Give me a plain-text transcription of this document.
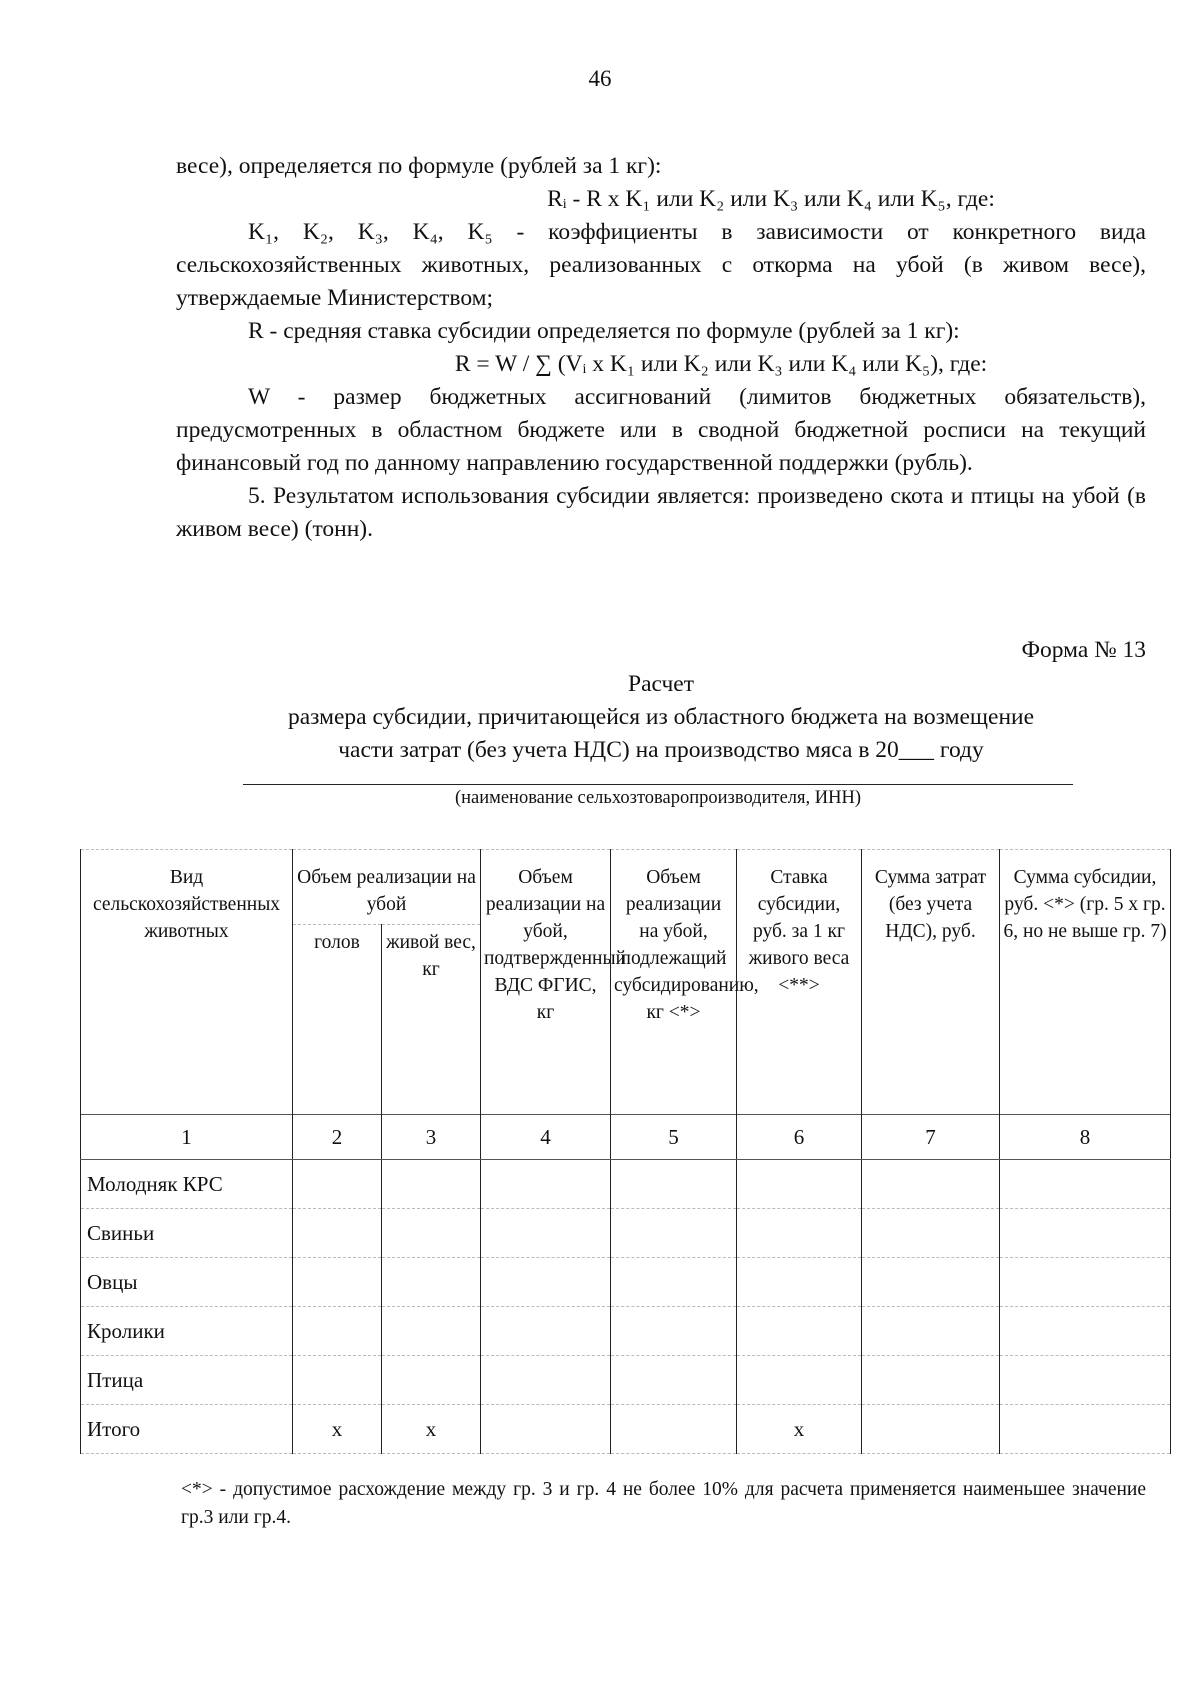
46

весе), определяется по формуле (рублей за 1 кг):

Rᵢ - R x K₁ или K₂ или K₃ или K₄ или K₅, где:

K₁, K₂, K₃, K₄, K₅ - коэффициенты в зависимости от конкретного вида сельскохозяйственных животных, реализованных с откорма на убой (в живом весе), утверждаемые Министерством;

R - средняя ставка субсидии определяется по формуле (рублей за 1 кг):

R = W / ∑ (Vᵢ x K₁ или K₂ или K₃ или K₄ или K₅), где:

W - размер бюджетных ассигнований (лимитов бюджетных обязательств), предусмотренных в областном бюджете или в сводной бюджетной росписи на текущий финансовый год по данному направлению государственной поддержки (рубль).

5. Результатом использования субсидии является: произведено скота и птицы на убой (в живом весе) (тонн).

Форма № 13
Расчет
размера субсидии, причитающейся из областного бюджета на возмещение
части затрат (без учета НДС) на производство мяса в 20___ году
(наименование сельхозтоваропроизводителя, ИНН)
Вид сельскохозяйственных животных	Объем реализации на убой		Объем реализации на убой, подтвержденный ВДС ФГИС, кг	Объем реализации на убой, подлежащий субсидированию, кг <*>	Ставка субсидии, руб. за 1 кг живого веса <**>	Сумма затрат (без учета НДС), руб.	Сумма субсидии, руб. <*> (гр. 5 х гр. 6, но не выше гр. 7)
	голов	живой вес, кг					
1	2	3	4	5	6	7	8
Молодняк КРС							
Свиньи							
Овцы							
Кролики							
Птица							
Итого	x	x			x		
<*> - допустимое расхождение между гр. 3 и гр. 4 не более 10% для расчета применяется наименьшее значение гр.3 или гр.4.
